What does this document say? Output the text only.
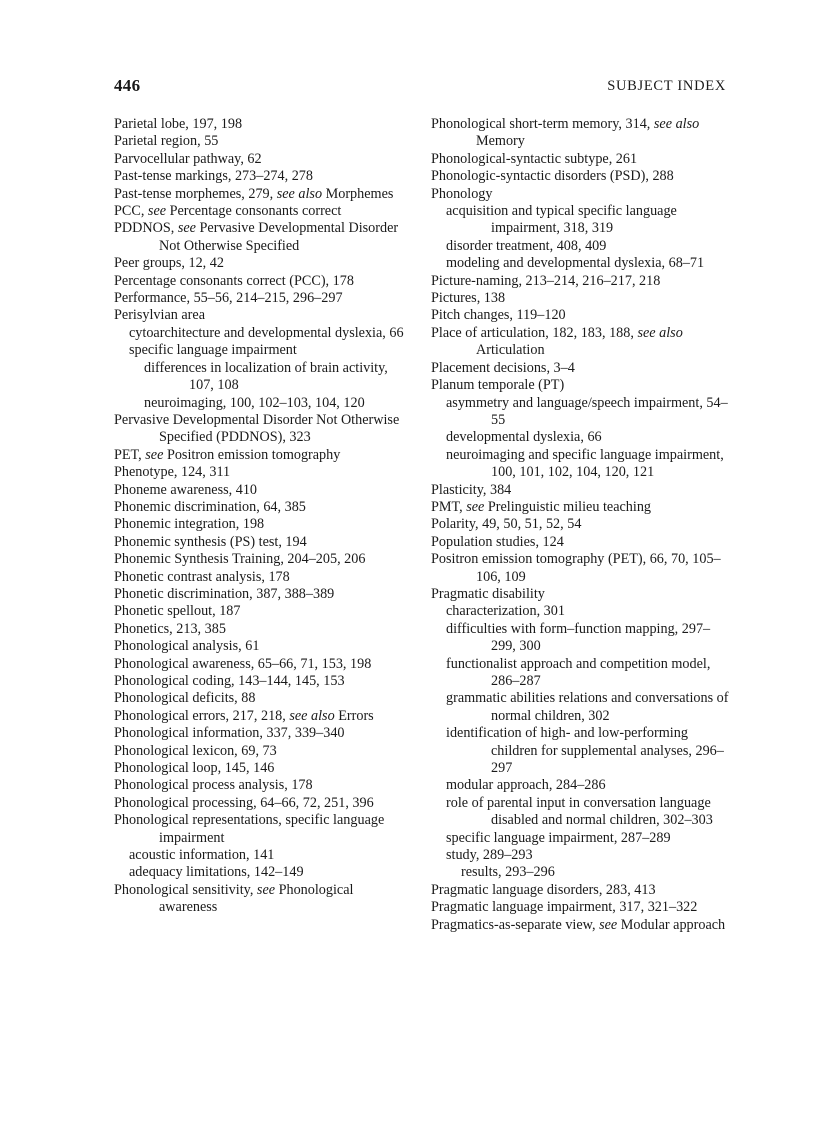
446	SUBJECT INDEX
Parietal lobe, 197, 198
Parietal region, 55
Parvocellular pathway, 62
Past-tense markings, 273–274, 278
Past-tense morphemes, 279, see also Morphemes
PCC, see Percentage consonants correct
PDDNOS, see Pervasive Developmental Disorder Not Otherwise Specified
Peer groups, 12, 42
Percentage consonants correct (PCC), 178
Performance, 55–56, 214–215, 296–297
Perisylvian area
cytoarchitecture and developmental dyslexia, 66
specific language impairment
differences in localization of brain activity, 107, 108
neuroimaging, 100, 102–103, 104, 120
Pervasive Developmental Disorder Not Otherwise Specified (PDDNOS), 323
PET, see Positron emission tomography
Phenotype, 124, 311
Phoneme awareness, 410
Phonemic discrimination, 64, 385
Phonemic integration, 198
Phonemic synthesis (PS) test, 194
Phonemic Synthesis Training, 204–205, 206
Phonetic contrast analysis, 178
Phonetic discrimination, 387, 388–389
Phonetic spellout, 187
Phonetics, 213, 385
Phonological analysis, 61
Phonological awareness, 65–66, 71, 153, 198
Phonological coding, 143–144, 145, 153
Phonological deficits, 88
Phonological errors, 217, 218, see also Errors
Phonological information, 337, 339–340
Phonological lexicon, 69, 73
Phonological loop, 145, 146
Phonological process analysis, 178
Phonological processing, 64–66, 72, 251, 396
Phonological representations, specific language impairment
acoustic information, 141
adequacy limitations, 142–149
Phonological sensitivity, see Phonological awareness
Phonological short-term memory, 314, see also Memory
Phonological-syntactic subtype, 261
Phonologic-syntactic disorders (PSD), 288
Phonology
acquisition and typical specific language impairment, 318, 319
disorder treatment, 408, 409
modeling and developmental dyslexia, 68–71
Picture-naming, 213–214, 216–217, 218
Pictures, 138
Pitch changes, 119–120
Place of articulation, 182, 183, 188, see also Articulation
Placement decisions, 3–4
Planum temporale (PT)
asymmetry and language/speech impairment, 54–55
developmental dyslexia, 66
neuroimaging and specific language impairment, 100, 101, 102, 104, 120, 121
Plasticity, 384
PMT, see Prelinguistic milieu teaching
Polarity, 49, 50, 51, 52, 54
Population studies, 124
Positron emission tomography (PET), 66, 70, 105–106, 109
Pragmatic disability
characterization, 301
difficulties with form–function mapping, 297–299, 300
functionalist approach and competition model, 286–287
grammatic abilities relations and conversations of normal children, 302
identification of high- and low-performing children for supplemental analyses, 296–297
modular approach, 284–286
role of parental input in conversation language disabled and normal children, 302–303
specific language impairment, 287–289
study, 289–293
results, 293–296
Pragmatic language disorders, 283, 413
Pragmatic language impairment, 317, 321–322
Pragmatics-as-separate view, see Modular approach
